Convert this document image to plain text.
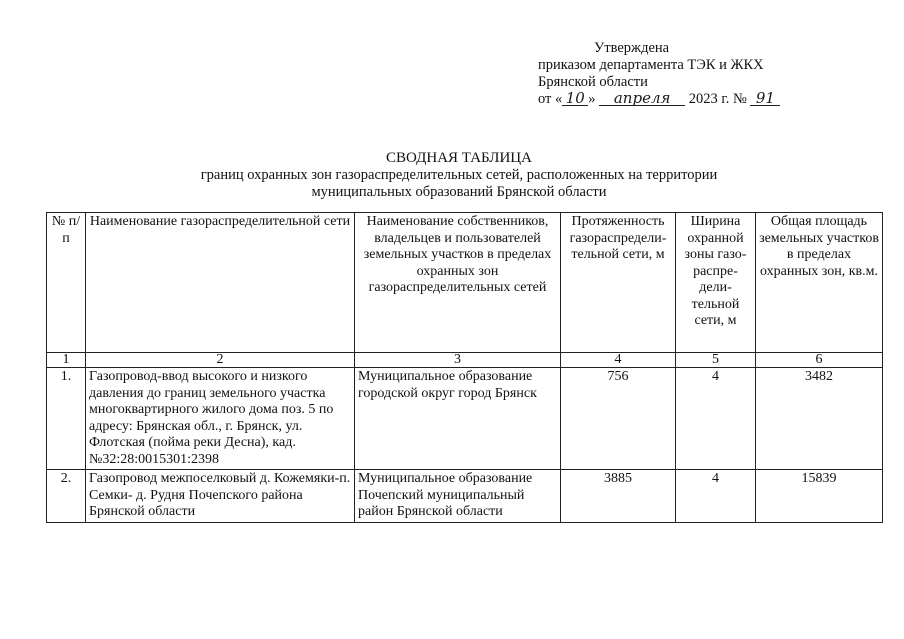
Утверждена
приказом департамента ТЭК и ЖКХ
Брянской области
от « 10 » апреля 2023 г. № 91
СВОДНАЯ ТАБЛИЦА
границ охранных зон газораспределительных сетей, расположенных на территории
муниципальных образований Брянской области
№ п/п	Наименование газораспределительной сети	Наименование собственников, владельцев и пользователей земельных участков в пределах охранных зон газораспределительных сетей	Протяженность газораспредели-тельной сети, м	Ширина охранной зоны газо-распре-дели-тельной сети, м	Общая площадь земельных участков в пределах охранных зон, кв.м.
1	2	3	4	5	6
1.	Газопровод-ввод высокого и низкого давления до границ земельного участка многоквартирного жилого дома поз. 5 по адресу: Брянская обл., г. Брянск, ул. Флотская (пойма реки Десна), кад. №32:28:0015301:2398	Муниципальное образование городской округ город Брянск	756	4	3482
2.	Газопровод межпоселковый д. Кожемяки-п. Семки- д. Рудня Почепского района Брянской области	Муниципальное образование Почепский муниципальный район Брянской области	3885	4	15839
